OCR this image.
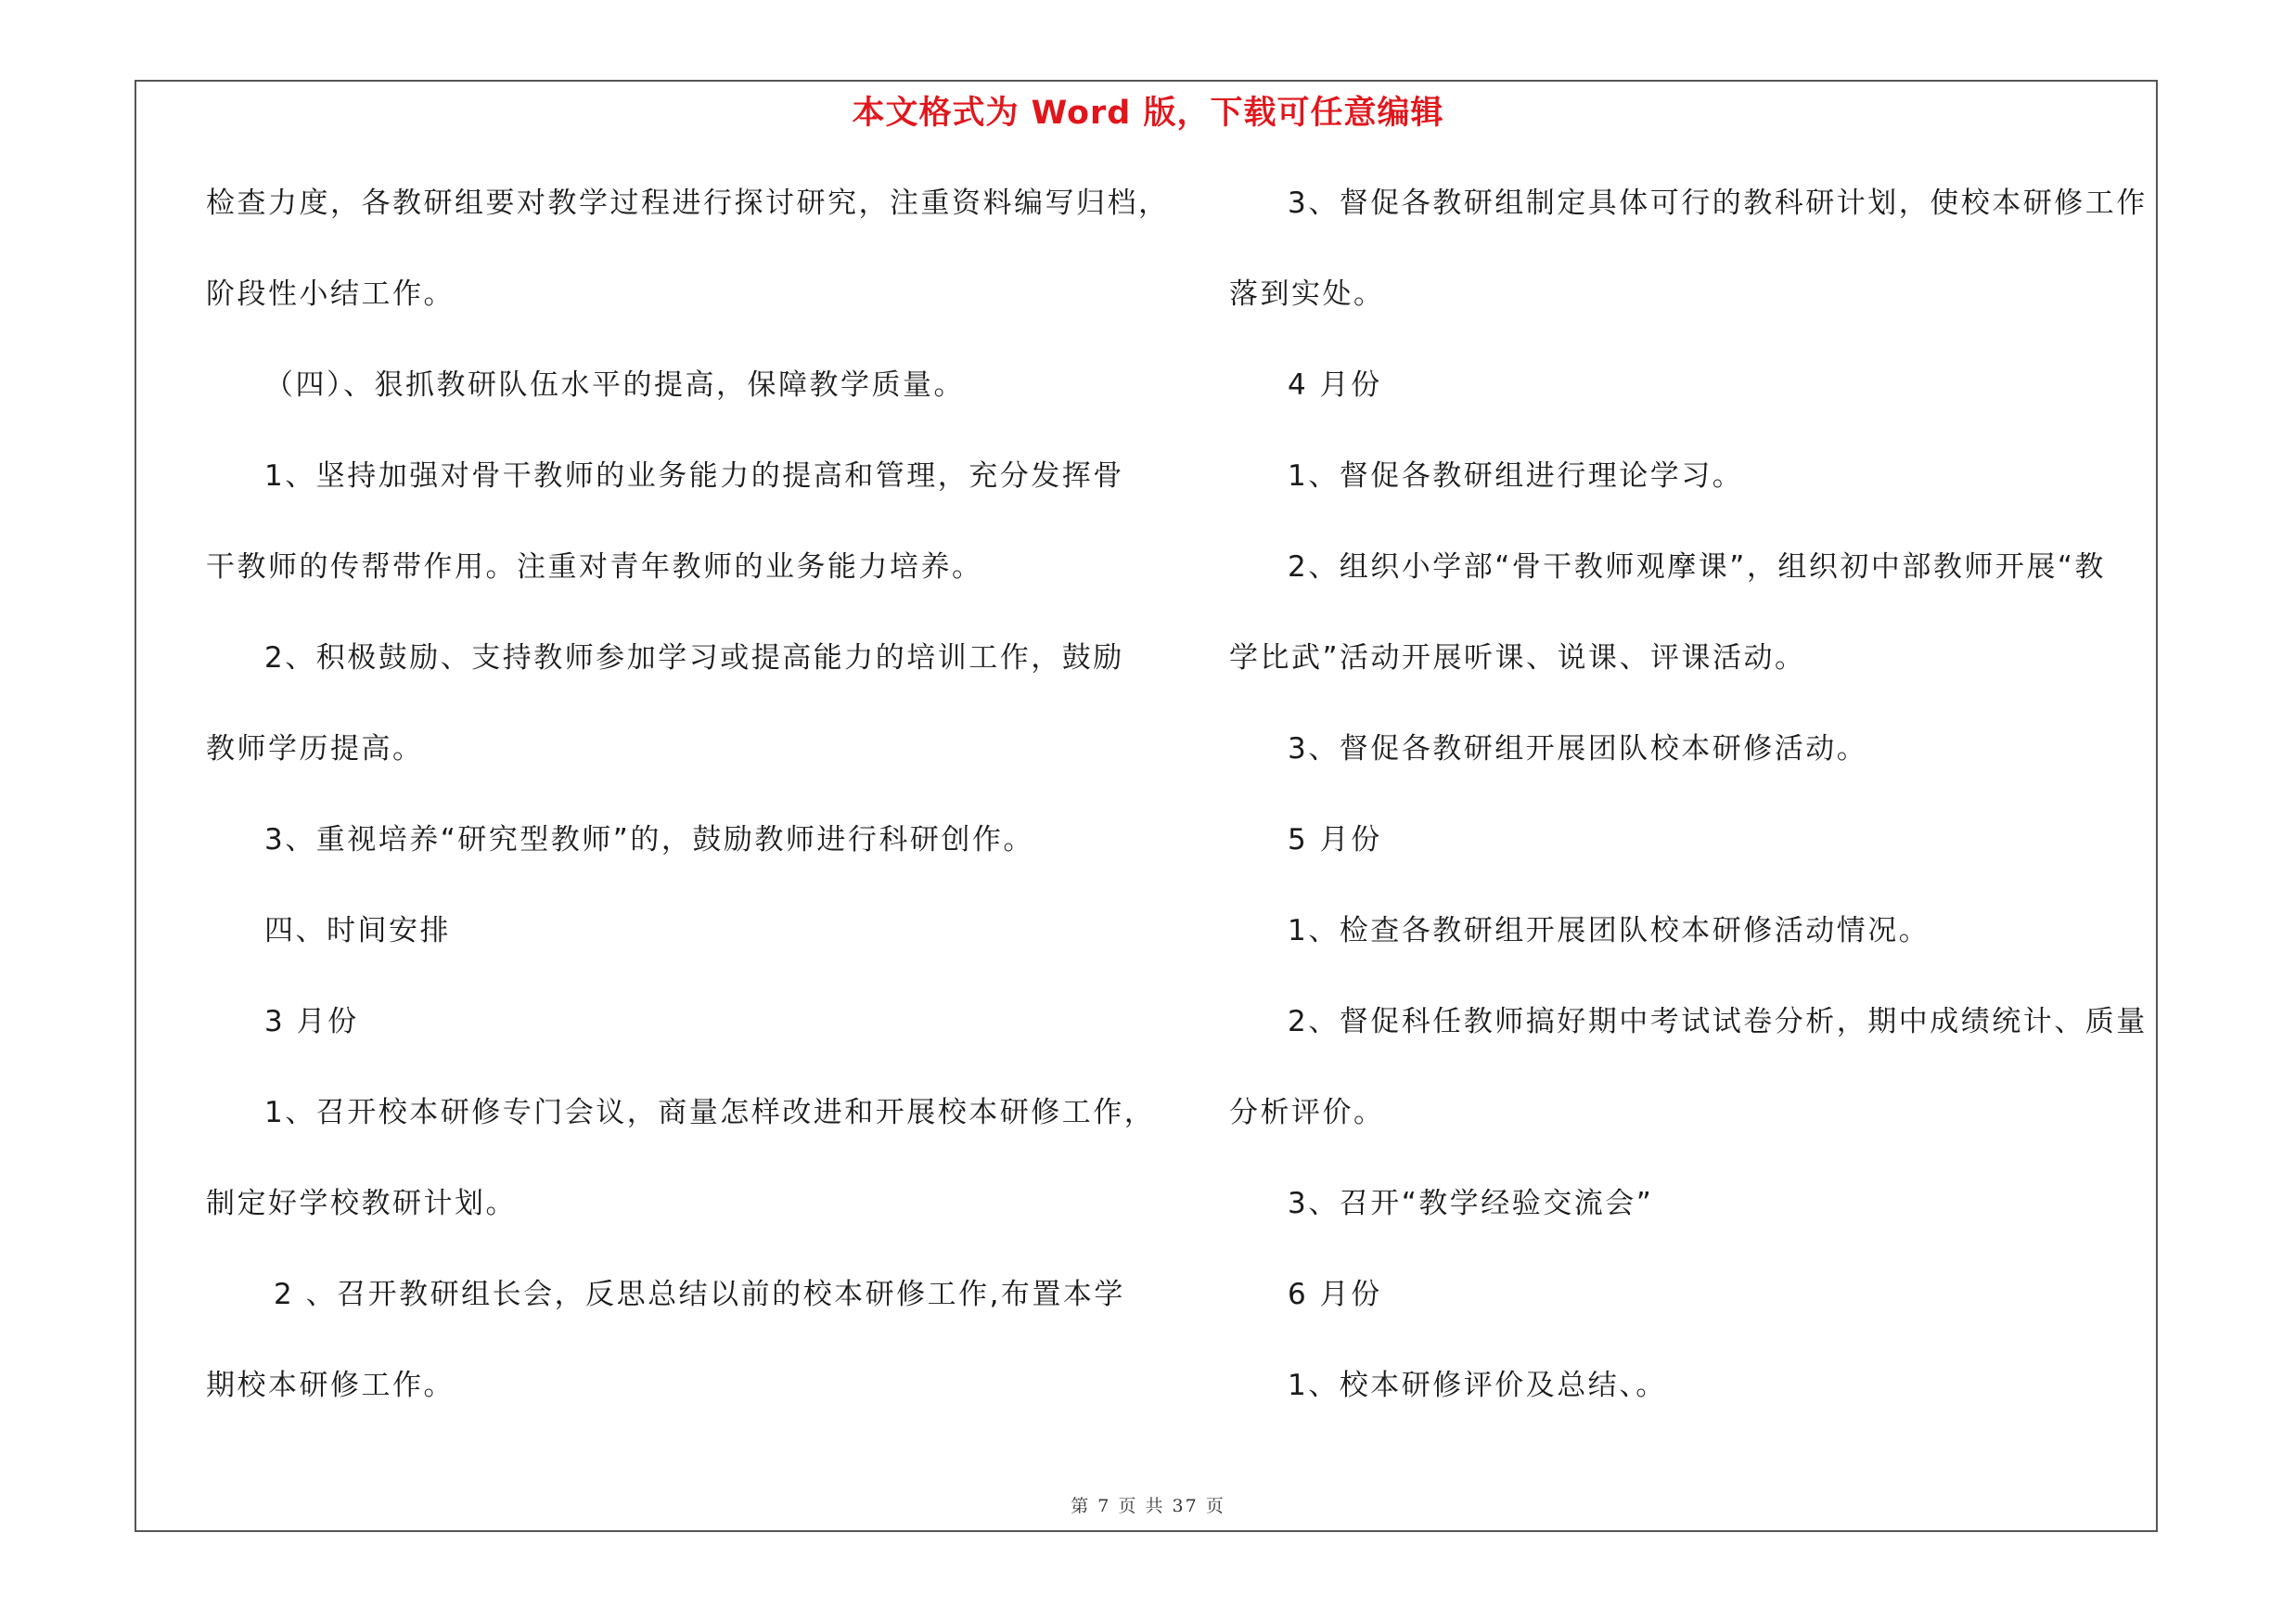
本文格式为 Word 版，下载可任意编辑
检查力度，各教研组要对教学过程进行探讨研究，注重资料编写归档，
阶段性小结工作。
（四）、狠抓教研队伍水平的提高，保障教学质量。
1、坚持加强对骨干教师的业务能力的提高和管理，充分发挥骨
干教师的传帮带作用。注重对青年教师的业务能力培养。
2、积极鼓励、支持教师参加学习或提高能力的培训工作，鼓励
教师学历提高。
3、重视培养“研究型教师”的，鼓励教师进行科研创作。
四、时间安排
3 月份
1、召开校本研修专门会议，商量怎样改进和开展校本研修工作，
制定好学校教研计划。
2 、召开教研组长会，反思总结以前的校本研修工作,布置本学
期校本研修工作。
3、督促各教研组制定具体可行的教科研计划，使校本研修工作
落到实处。
4 月份
1、督促各教研组进行理论学习。
2、组织小学部“骨干教师观摩课”，组织初中部教师开展“教
学比武”活动开展听课、说课、评课活动。
3、督促各教研组开展团队校本研修活动。
5 月份
1、检查各教研组开展团队校本研修活动情况。
2、督促科任教师搞好期中考试试卷分析，期中成绩统计、质量
分析评价。
3、召开“教学经验交流会”
6 月份
1、校本研修评价及总结、。
第 7 页 共 37 页
